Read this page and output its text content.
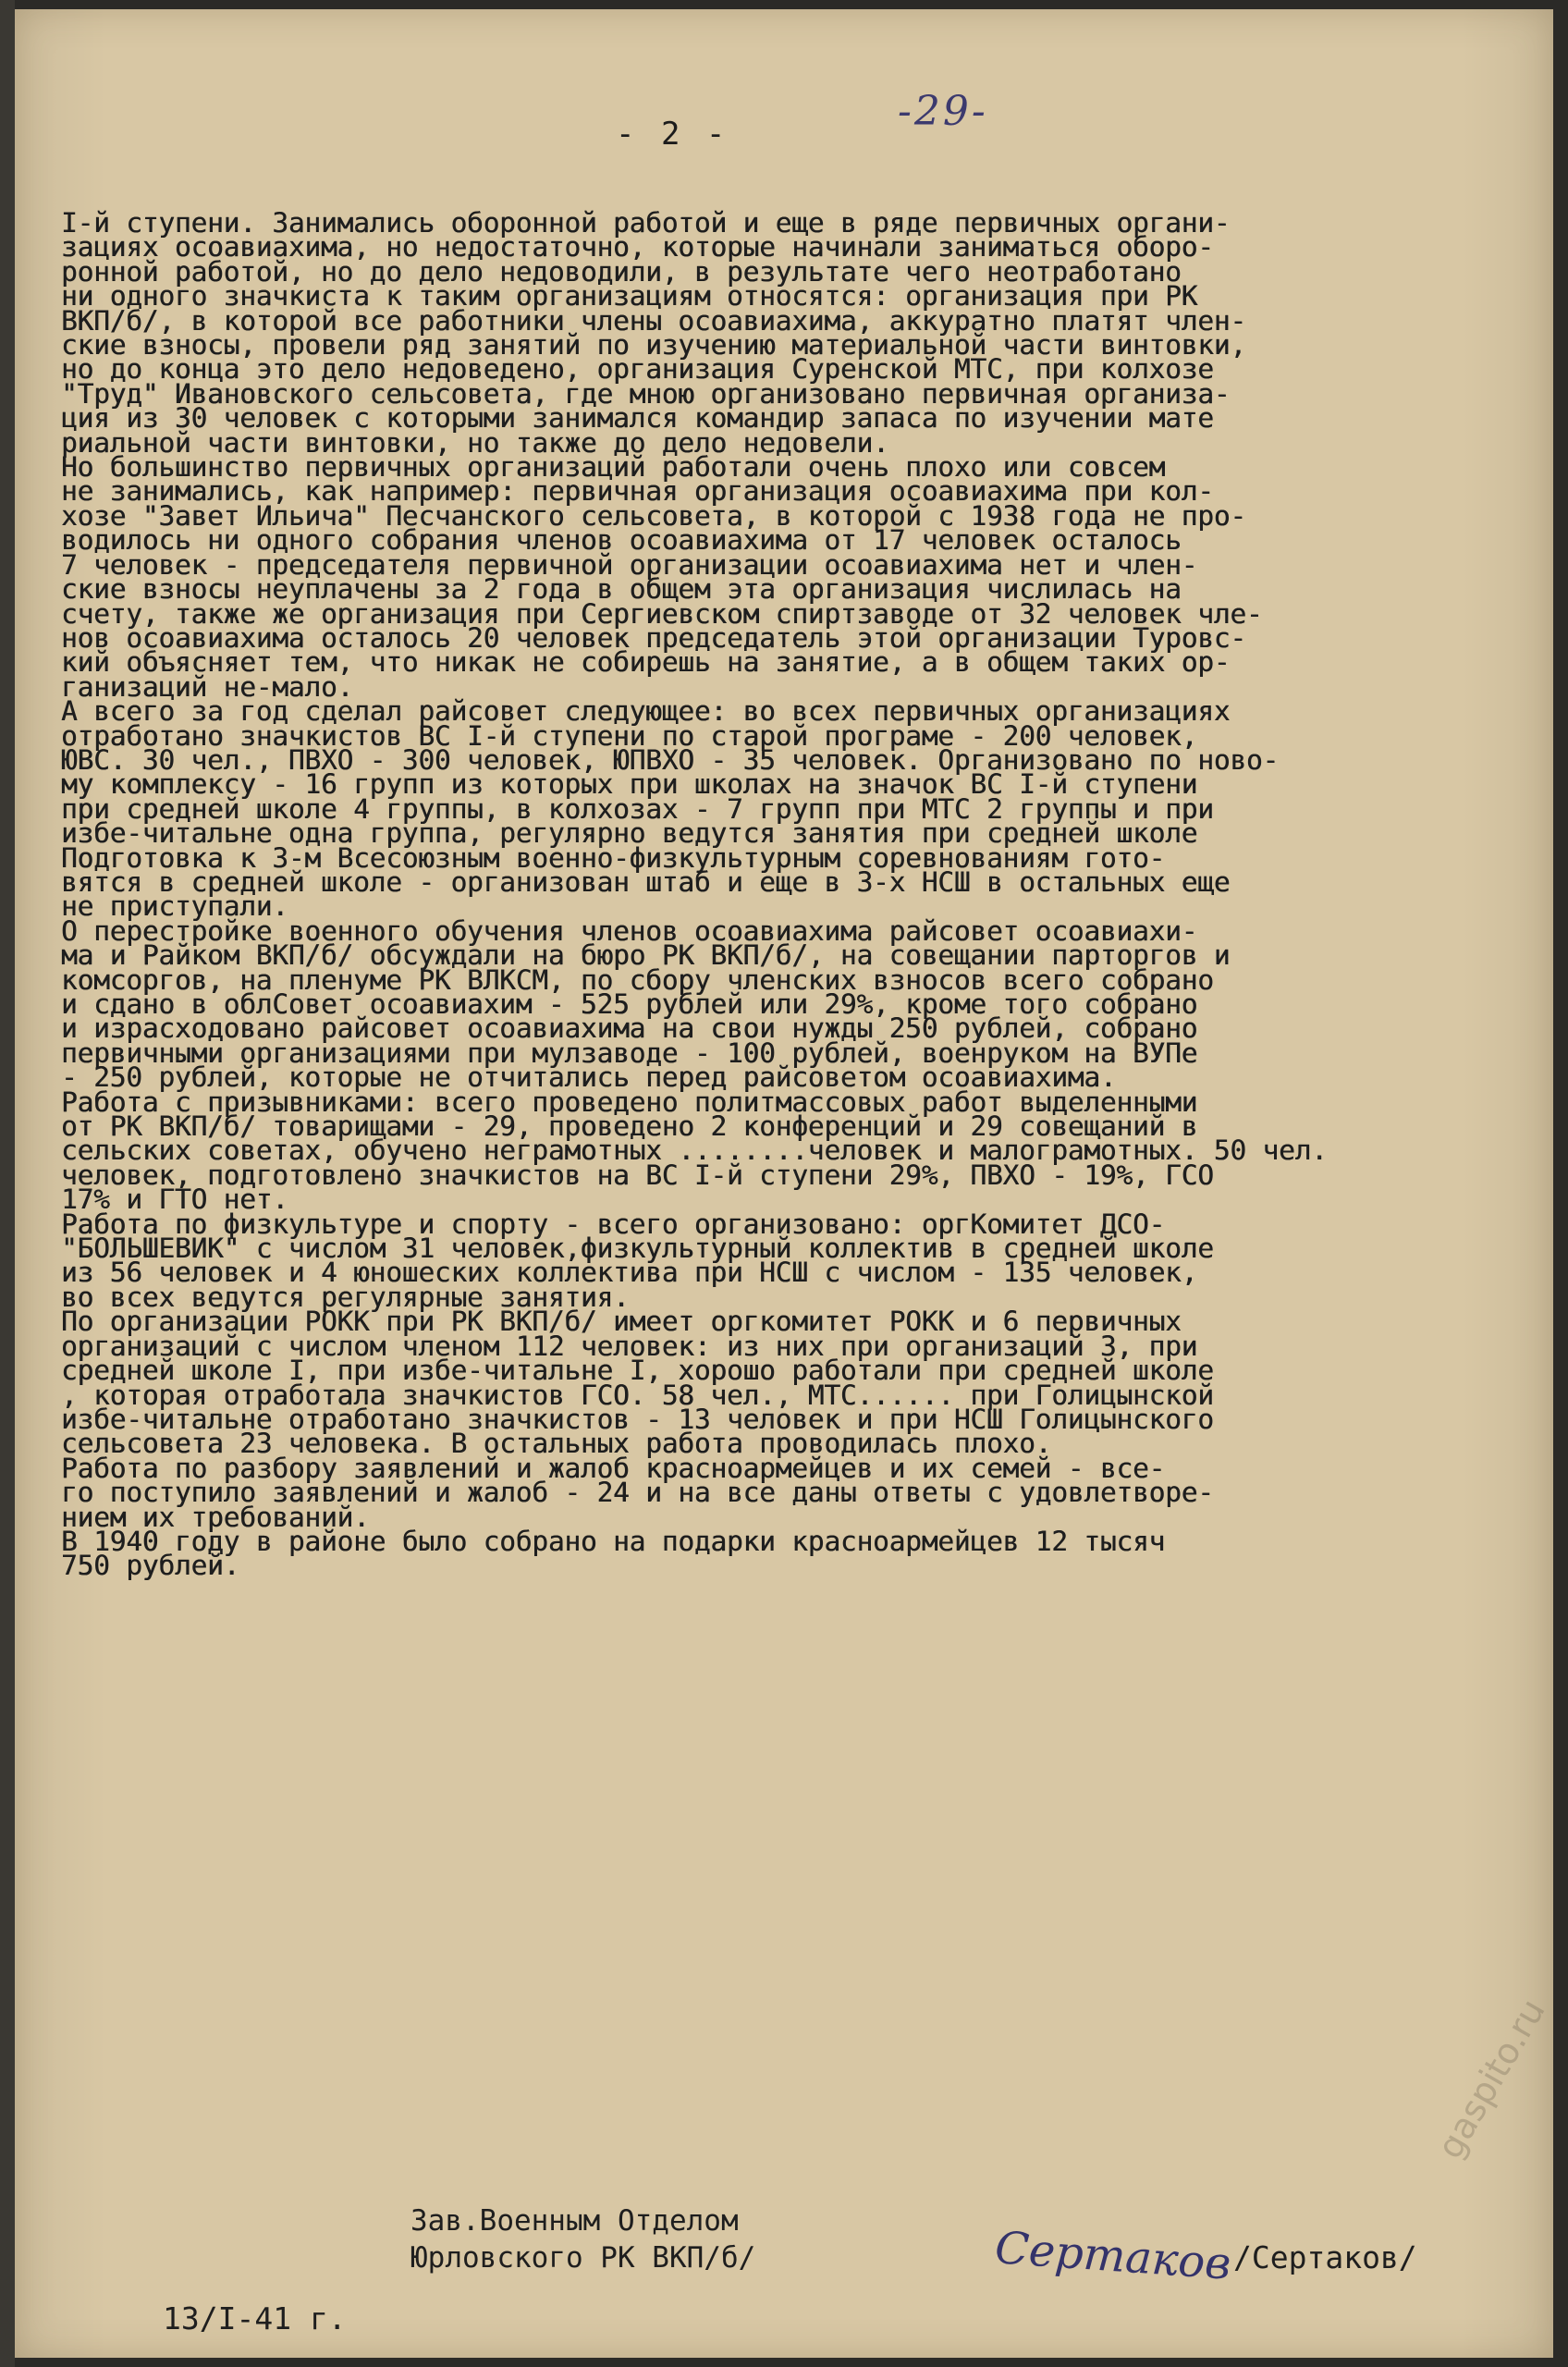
- 2 -	-29-
І-й ступени. Занимались оборонной работой и еще в ряде первичных органи-
зациях осоавиахима, но недостаточно, которые начинали заниматься оборо-
ронной работой, но до дело недоводили, в результате чего неотработано
ни одного значкиста к таким организациям относятся: организация при РК
ВКП/б/, в которой все работники члены осоавиахима, аккуратно платят член-
ские взносы, провели ряд занятий по изучению материальной части винтовки,
но до конца это дело недоведено, организация Суренской МТС, при колхозе
"Труд" Ивановского сельсовета, где мною организовано первичная организа-
ция из 30 человек с которыми занимался командир запаса по изучении мате
риальной части винтовки, но также до дело недовели.
Но большинство первичных организаций работали очень плохо или совсем
не занимались, как например: первичная организация осоавиахима при кол-
хозе "Завет Ильича" Песчанского сельсовета, в которой с 1938 года не про-
водилось ни одного собрания членов осоавиахима от 17 человек осталось
7 человек - председателя первичной организации осоавиахима нет и член-
ские взносы неуплачены за 2 года в общем эта организация числилась на
счету, также же организация при Сергиевском спиртзаводе от 32 человек чле-
нов осоавиахима осталось 20 человек председатель этой организации Туровс-
кий объясняет тем, что никак не собирешь на занятие, а в общем таких ор-
ганизаций не-мало.
А всего за год сделал райсовет следующее: во всех первичных организациях
отработано значкистов ВС І-й ступени по старой програме - 200 человек,
ЮВС. 30 чел., ПВХО - 300 человек, ЮПВХО - 35 человек. Организовано по ново-
му комплексу - 16 групп из которых при школах на значок ВС І-й ступени
при средней школе 4 группы, в колхозах - 7 групп при МТС 2 группы и при
избе-читальне одна группа, регулярно ведутся занятия при средней школе
Подготовка к 3-м Всесоюзным военно-физкультурным соревнованиям гото-
вятся в средней школе - организован штаб и еще в 3-х НСШ в остальных еще
не приступали.
О перестройке военного обучения членов осоавиахима райсовет осоавиахи-
ма и Райком ВКП/б/ обсуждали на бюро РК ВКП/б/, на совещании парторгов и
комсоргов, на пленуме РК ВЛКСМ, по сбору членских взносов всего собрано
и сдано в облСовет осоавиахим - 525 рублей или 29%, кроме того собрано
и израсходовано райсовет осоавиахима на свои нужды 250 рублей, собрано
первичными организациями при мулзаводе - 100 рублей, военруком на ВУПе
- 250 рублей, которые не отчитались перед райсоветом осоавиахима.
Работа с призывниками: всего проведено политмассовых работ выделенными
от РК ВКП/б/ товарищами - 29, проведено 2 конференций и 29 совещаний в
сельских советах, обучено неграмотных ........человек и малограмотных. 50 чел.
человек, подготовлено значкистов на ВС І-й ступени 29%, ПВХО - 19%, ГСО
17% и ГТО нет.
Работа по физкультуре и спорту - всего организовано: оргКомитет ДСО-
"БОЛЬШЕВИК" с числом 31 человек,физкультурный коллектив в средней школе
из 56 человек и 4 юношеских коллектива при НСШ с числом - 135 человек,
во всех ведутся регулярные занятия.
По организации РОКК при РК ВКП/б/ имеет оргкомитет РОКК и 6 первичных
организаций с числом членом 112 человек: из них при организаций 3, при
средней школе І, при избе-читальне І, хорошо работали при средней школе
, которая отработала значкистов ГСО. 58 чел., МТС...... при Голицынской
избе-читальне отработано значкистов - 13 человек и при НСШ Голицынского
сельсовета 23 человека. В остальных работа проводилась плохо.
Работа по разбору заявлений и жалоб красноармейцев и их семей - все-
го поступило заявлений и жалоб - 24 и на все даны ответы с удовлетворе-
нием их требований.
В 1940 году в районе было собрано на подарки красноармейцев 12 тысяч
750 рублей.
Зав.Военным Отделом
Юрловского РК ВКП/б/	Сертаков /Сертаков/
13/I-41 г.
gaspito.ru
